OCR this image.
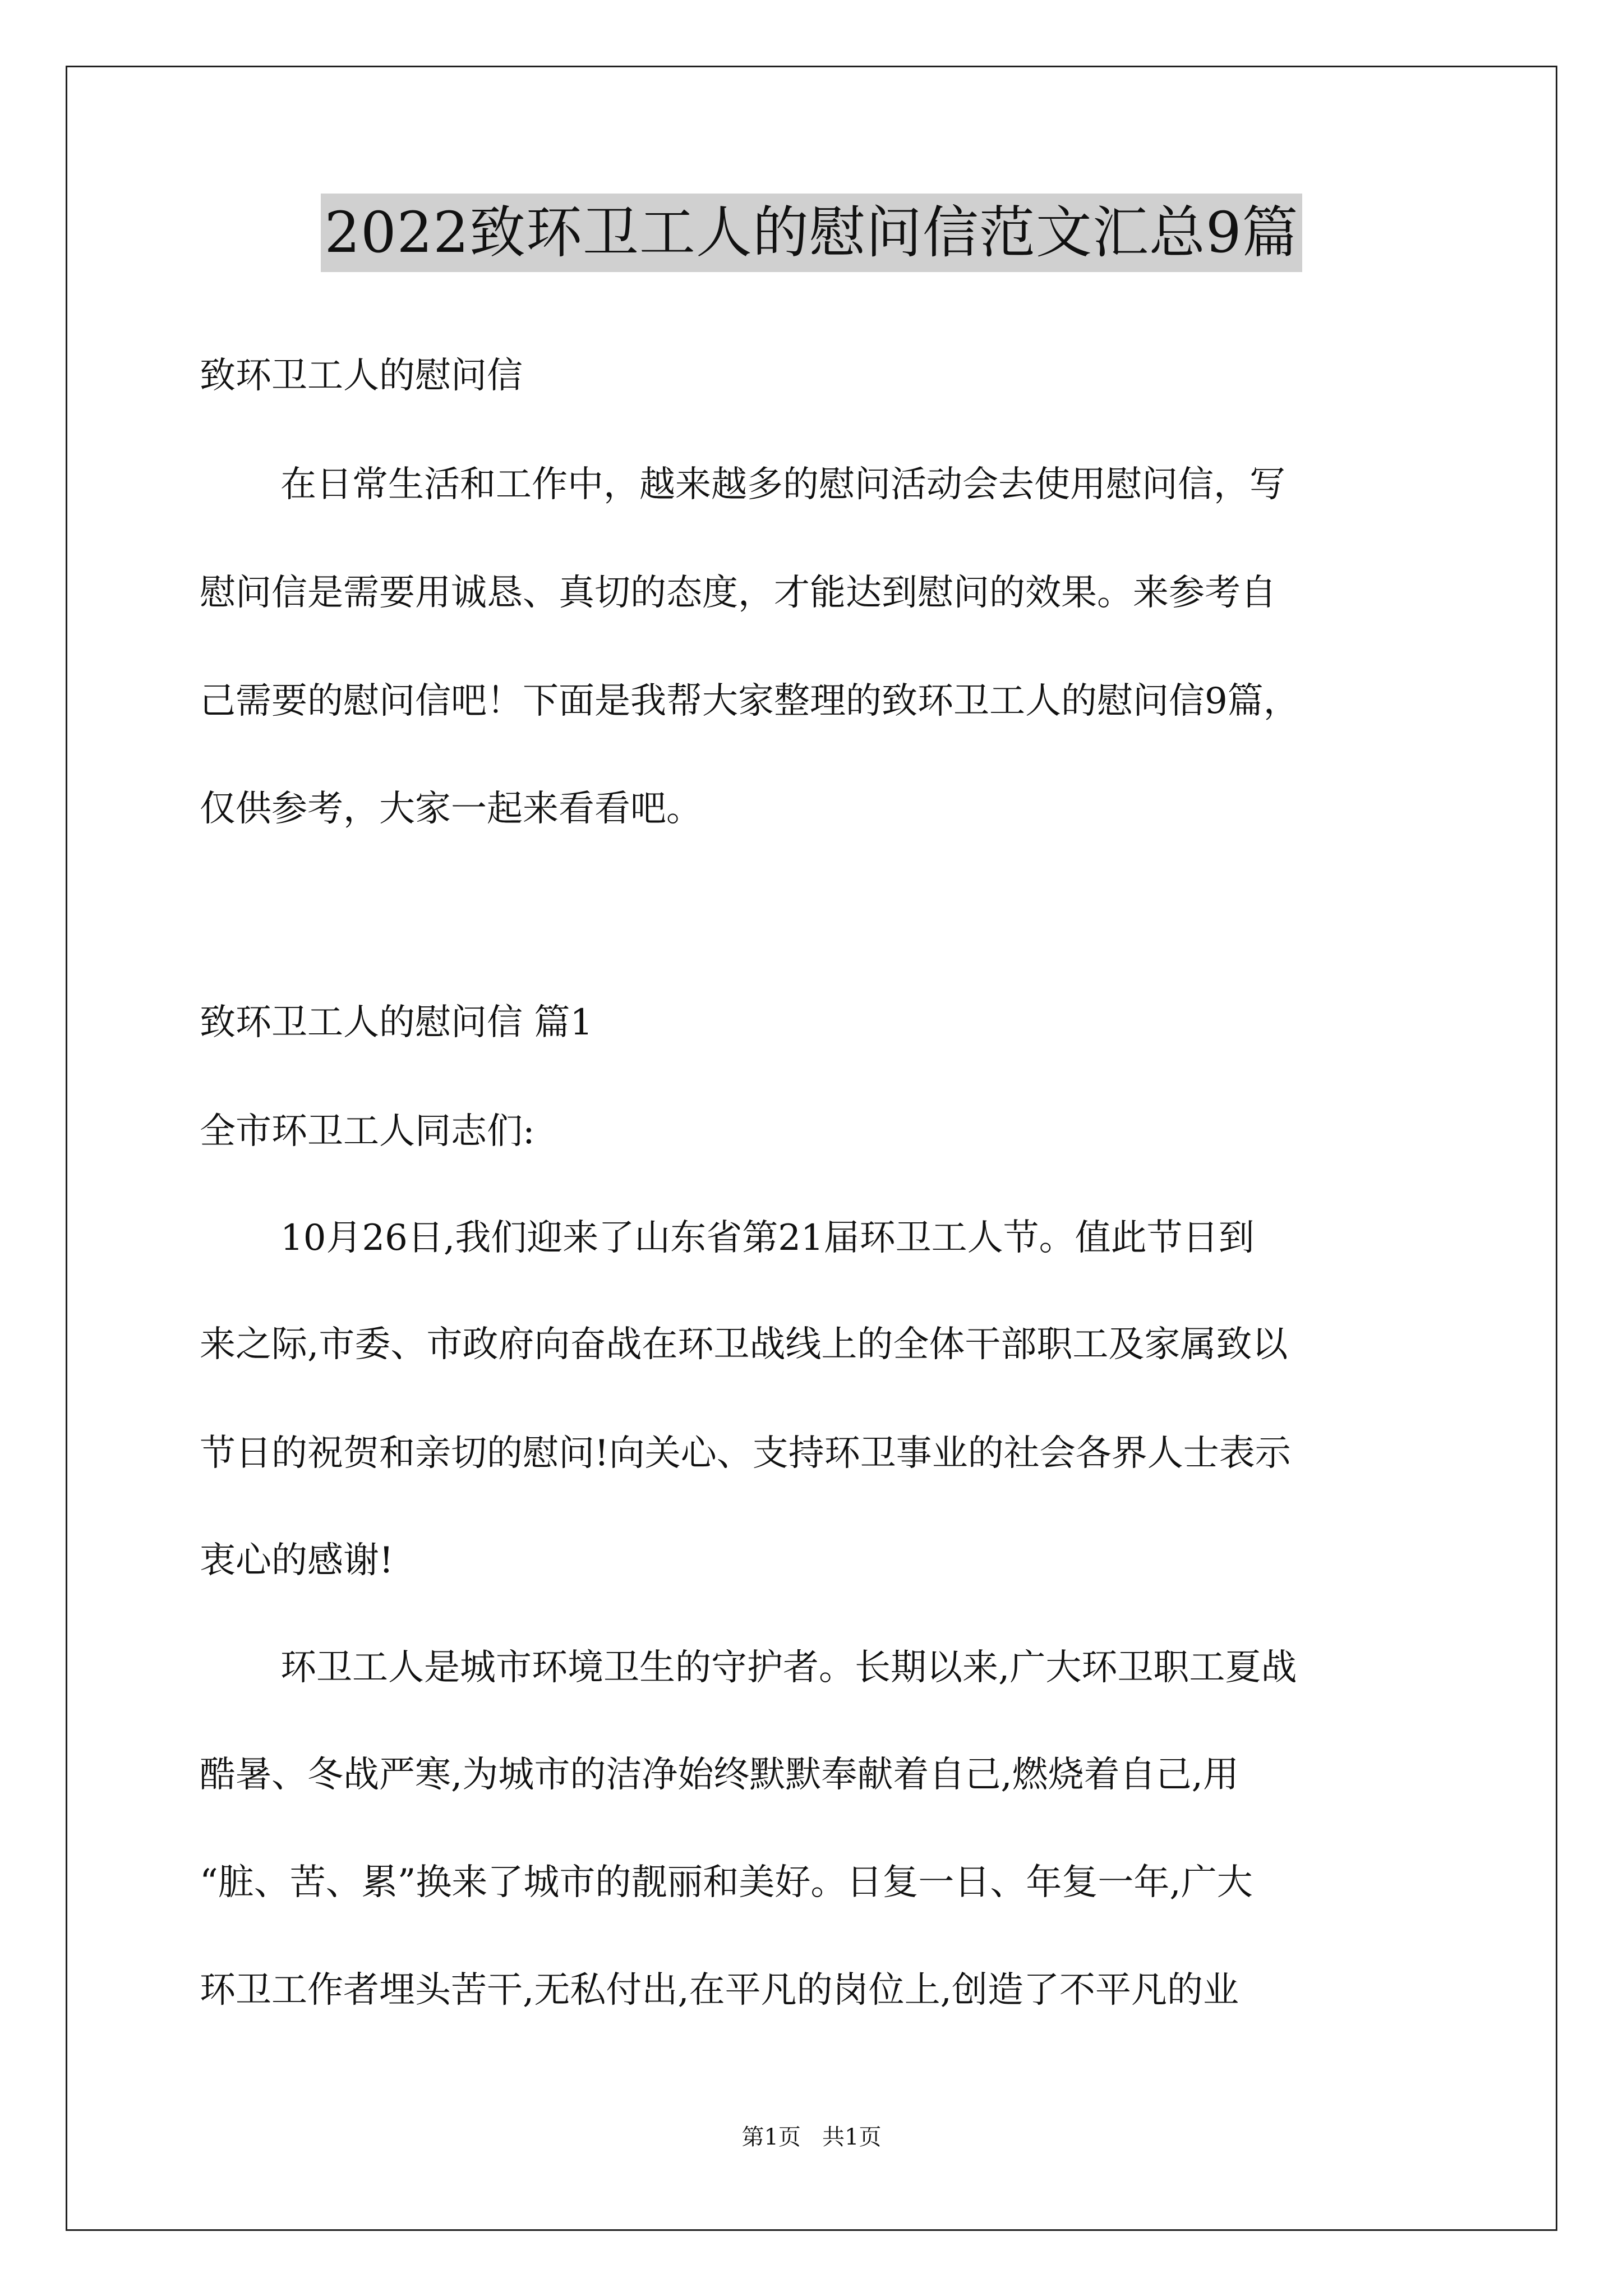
2022致环卫工人的慰问信范文汇总9篇
致环卫工人的慰问信
在日常生活和工作中，越来越多的慰问活动会去使用慰问信，写
慰问信是需要用诚恳、真切的态度，才能达到慰问的效果。来参考自
己需要的慰问信吧！下面是我帮大家整理的致环卫工人的慰问信9篇，
仅供参考，大家一起来看看吧。
致环卫工人的慰问信 篇1
全市环卫工人同志们:
10月26日,我们迎来了山东省第21届环卫工人节。值此节日到
来之际,市委、市政府向奋战在环卫战线上的全体干部职工及家属致以
节日的祝贺和亲切的慰问!向关心、支持环卫事业的社会各界人士表示
衷心的感谢!
环卫工人是城市环境卫生的守护者。长期以来,广大环卫职工夏战
酷暑、冬战严寒,为城市的洁净始终默默奉献着自己,燃烧着自己,用
“脏、苦、累”换来了城市的靓丽和美好。日复一日、年复一年,广大
环卫工作者埋头苦干,无私付出,在平凡的岗位上,创造了不平凡的业
第1页   共1页
